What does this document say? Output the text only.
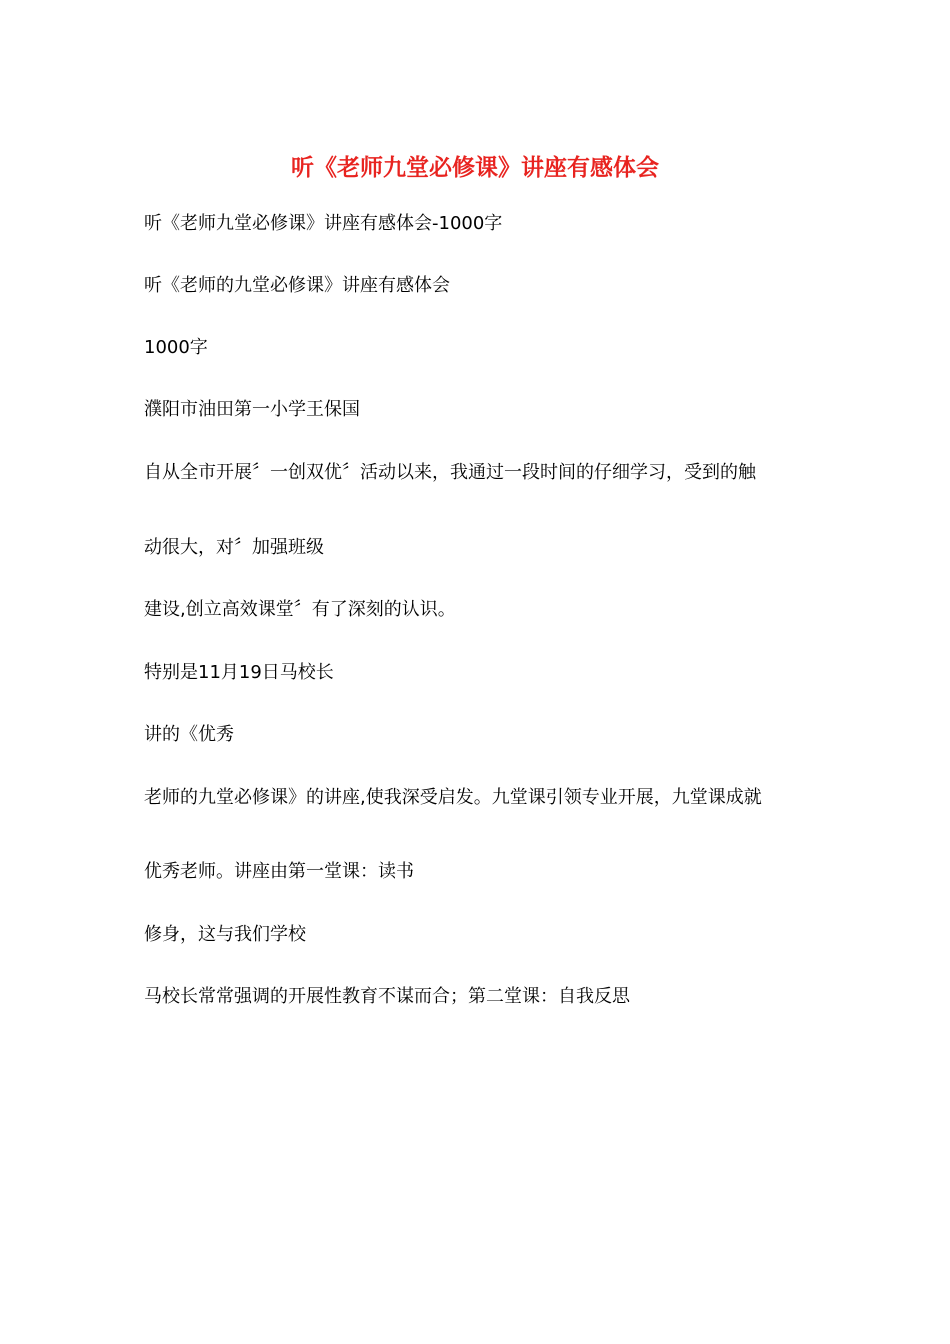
听《老师九堂必修课》讲座有感体会

听《老师九堂必修课》讲座有感体会-1000字

听《老师的九堂必修课》讲座有感体会

1000字

濮阳市油田第一小学王保国

自从全市开展〞一创双优〞活动以来，我通过一段时间的仔细学习，受到的触

动很大，对〞加强班级

建设,创立高效课堂〞有了深刻的认识。

特别是11月19日马校长

讲的《优秀

老师的九堂必修课》的讲座,使我深受启发。九堂课引领专业开展，九堂课成就

优秀老师。讲座由第一堂课：读书

修身，这与我们学校

马校长常常强调的开展性教育不谋而合；第二堂课：自我反思
